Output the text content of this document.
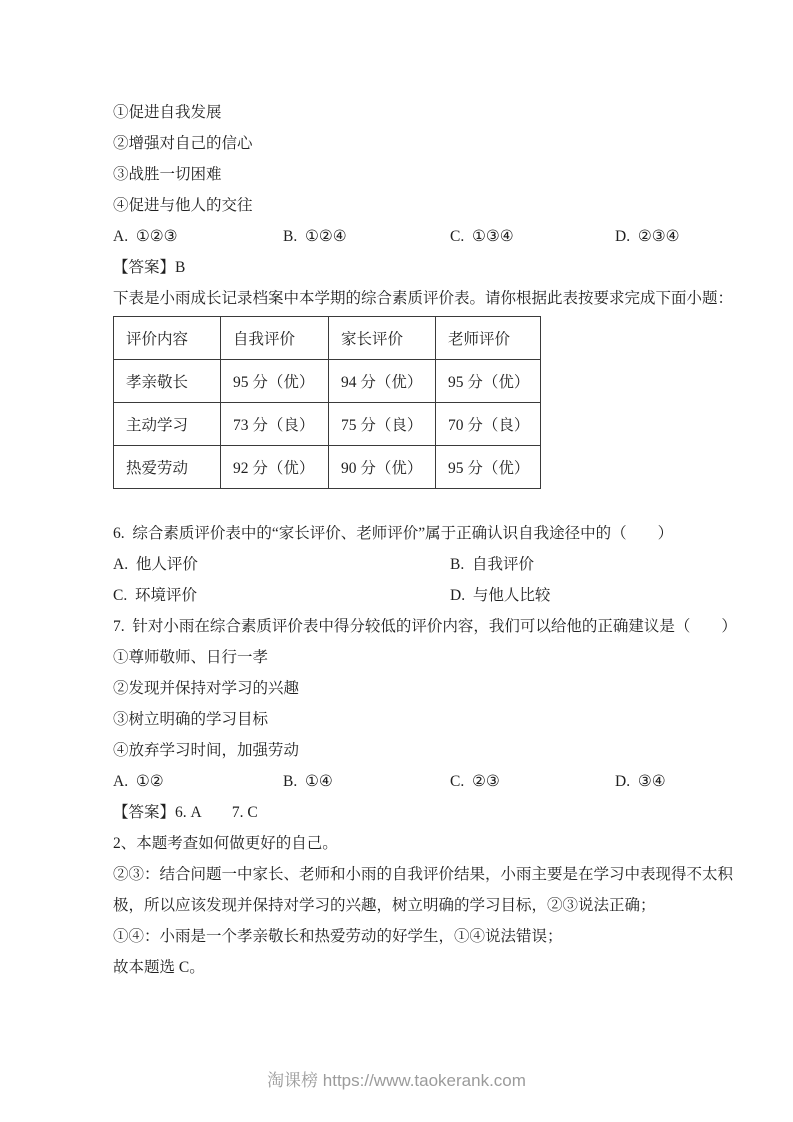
①促进自我发展

②增强对自己的信心

③战胜一切困难

④促进与他人的交往

A.  ①②③	B.  ①②④	C.  ①③④	D.  ②③④

【答案】B

下表是小雨成长记录档案中本学期的综合素质评价表。请你根据此表按要求完成下面小题：

评价内容	自我评价	家长评价	老师评价
孝亲敬长	95 分（优）	94 分（优）	95 分（优）
主动学习	73 分（良）	75 分（良）	70 分（良）
热爱劳动	92 分（优）	90 分（优）	95 分（优）

6.  综合素质评价表中的“家长评价、老师评价”属于正确认识自我途径中的（　　）

A.  他人评价	B.  自我评价
C.  环境评价	D.  与他人比较

7.  针对小雨在综合素质评价表中得分较低的评价内容，我们可以给他的正确建议是（　　）

①尊师敬师、日行一孝

②发现并保持对学习的兴趣

③树立明确的学习目标

④放弃学习时间，加强劳动

A.  ①②	B.  ①④	C.  ②③	D.  ③④

【答案】6. A　　7. C

2、本题考查如何做更好的自己。

②③：结合问题一中家长、老师和小雨的自我评价结果，小雨主要是在学习中表现得不太积

极，所以应该发现并保持对学习的兴趣，树立明确的学习目标，②③说法正确；

①④：小雨是一个孝亲敬长和热爱劳动的好学生，①④说法错误；

故本题选 C。

淘课榜 https://www.taokerank.com
